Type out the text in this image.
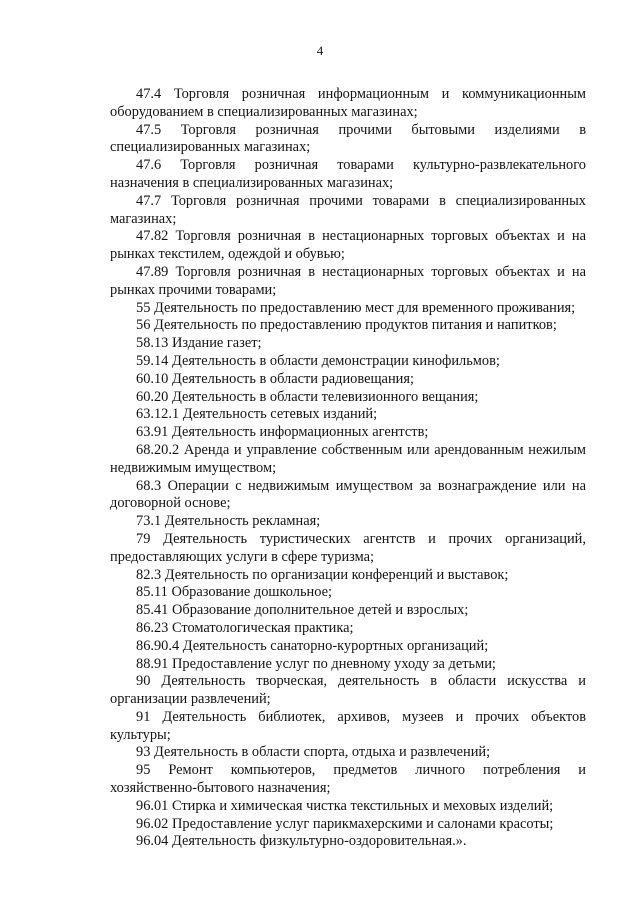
4

47.4 Торговля розничная информационным и коммуникационным оборудованием в специализированных магазинах;

47.5 Торговля розничная прочими бытовыми изделиями в специализированных магазинах;

47.6 Торговля розничная товарами культурно-развлекательного назначения в специализированных магазинах;

47.7 Торговля розничная прочими товарами в специализированных магазинах;

47.82 Торговля розничная в нестационарных торговых объектах и на рынках текстилем, одеждой и обувью;

47.89 Торговля розничная в нестационарных торговых объектах и на рынках прочими товарами;

55 Деятельность по предоставлению мест для временного проживания;

56 Деятельность по предоставлению продуктов питания и напитков;

58.13 Издание газет;

59.14 Деятельность в области демонстрации кинофильмов;

60.10 Деятельность в области радиовещания;

60.20 Деятельность в области телевизионного вещания;

63.12.1 Деятельность сетевых изданий;

63.91 Деятельность информационных агентств;

68.20.2 Аренда и управление собственным или арендованным нежилым недвижимым имуществом;

68.3 Операции с недвижимым имуществом за вознаграждение или на договорной основе;

73.1 Деятельность рекламная;

79 Деятельность туристических агентств и прочих организаций, предоставляющих услуги в сфере туризма;

82.3 Деятельность по организации конференций и выставок;

85.11 Образование дошкольное;

85.41 Образование дополнительное детей и взрослых;

86.23 Стоматологическая практика;

86.90.4 Деятельность санаторно-курортных организаций;

88.91 Предоставление услуг по дневному уходу за детьми;

90 Деятельность творческая, деятельность в области искусства и организации развлечений;

91 Деятельность библиотек, архивов, музеев и прочих объектов культуры;

93 Деятельность в области спорта, отдыха и развлечений;

95 Ремонт компьютеров, предметов личного потребления и хозяйственно-бытового назначения;

96.01 Стирка и химическая чистка текстильных и меховых изделий;

96.02 Предоставление услуг парикмахерскими и салонами красоты;

96.04 Деятельность физкультурно-оздоровительная.».
